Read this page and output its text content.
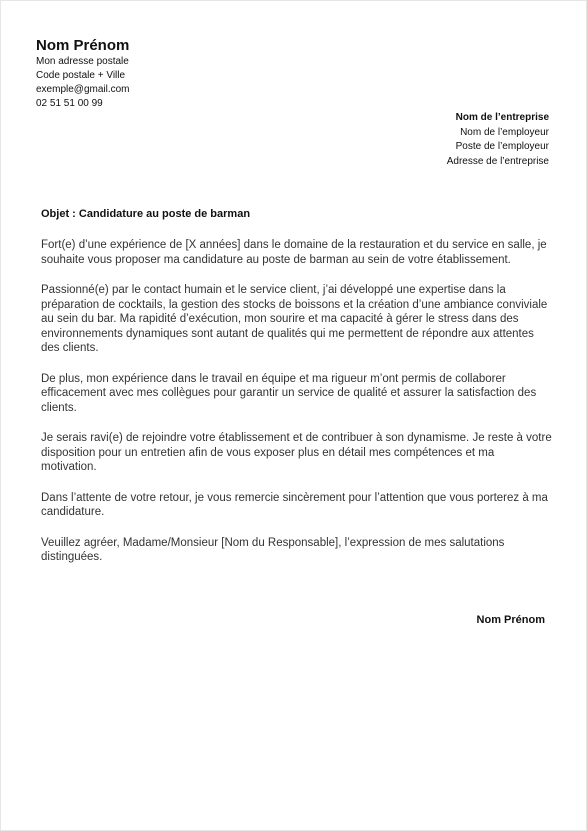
Nom Prénom
Mon adresse postale
Code postale + Ville
exemple@gmail.com
02 51 51 00 99
Nom de l’entreprise
Nom de l’employeur
Poste de l’employeur
Adresse de l’entreprise
Objet : Candidature au poste de barman

Fort(e) d’une expérience de [X années] dans le domaine de la restauration et du service en salle, je souhaite vous proposer ma candidature au poste de barman au sein de votre établissement.

Passionné(e) par le contact humain et le service client, j’ai développé une expertise dans la préparation de cocktails, la gestion des stocks de boissons et la création d’une ambiance conviviale au sein du bar. Ma rapidité d’exécution, mon sourire et ma capacité à gérer le stress dans des environnements dynamiques sont autant de qualités qui me permettent de répondre aux attentes des clients.

De plus, mon expérience dans le travail en équipe et ma rigueur m’ont permis de collaborer efficacement avec mes collègues pour garantir un service de qualité et assurer la satisfaction des clients.

Je serais ravi(e) de rejoindre votre établissement et de contribuer à son dynamisme. Je reste à votre disposition pour un entretien afin de vous exposer plus en détail mes compétences et ma motivation.

Dans l’attente de votre retour, je vous remercie sincèrement pour l’attention que vous porterez à ma candidature.

Veuillez agréer, Madame/Monsieur [Nom du Responsable], l’expression de mes salutations distinguées.

Nom Prénom
